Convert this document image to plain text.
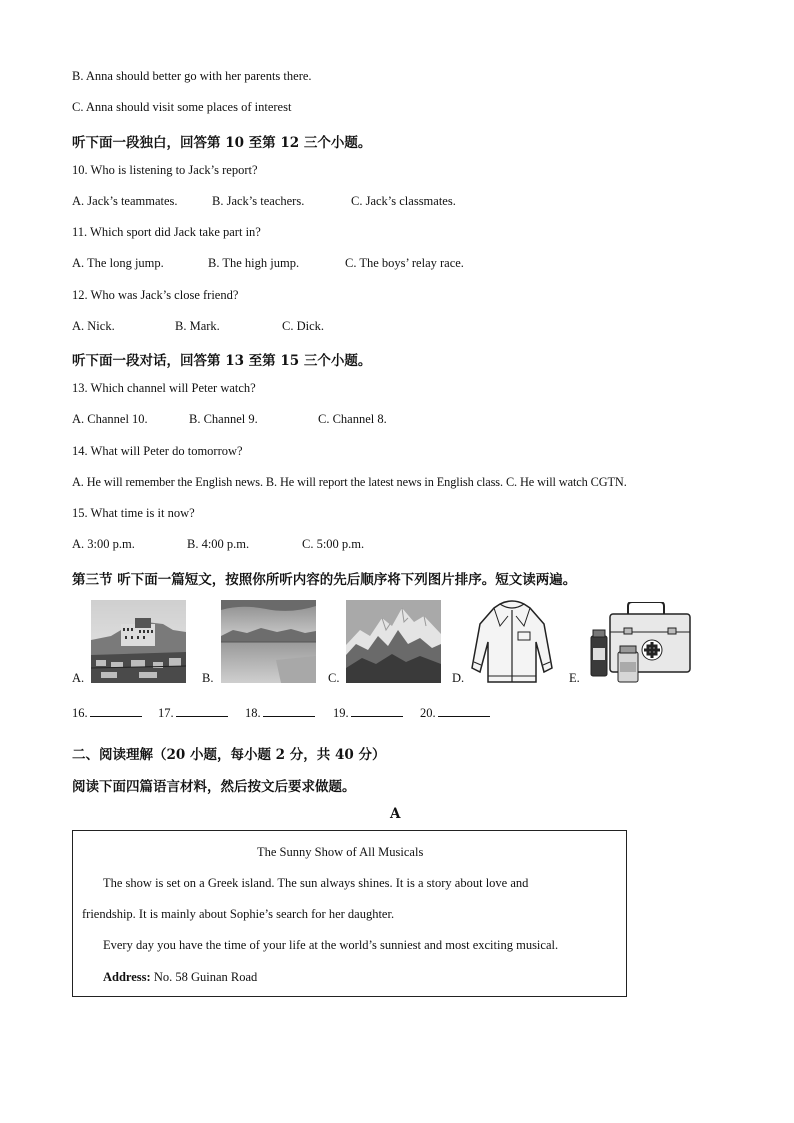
B. Anna should better go with her parents there.
C. Anna should visit some places of interest
听下面一段独白，回答第 10 至第 12 三个小题。
10. Who is listening to Jack’s report?
A. Jack’s teammates.	B. Jack’s teachers.	C. Jack’s classmates.
11. Which sport did Jack take part in?
A. The long jump.	B. The high jump.	C. The boys’ relay race.
12. Who was Jack’s close friend?
A. Nick.	B. Mark.	C. Dick.
听下面一段对话，回答第 13 至第 15 三个小题。
13. Which channel will Peter watch?
A. Channel 10.	B. Channel 9.	C. Channel 8.
14. What will Peter do tomorrow?
A. He will remember the English news. B. He will report the latest news in English class. C. He will watch CGTN.
15. What time is it now?
A. 3:00 p.m.	B. 4:00 p.m.	C. 5:00 p.m.
第三节 听下面一篇短文，按照你所听内容的先后顺序将下列图片排序。短文读两遍。
A.	B.	C.	D.	E.
16.	17.	18.	19.	20.
二、阅读理解（20 小题，每小题 2 分，共 40 分）
阅读下面四篇语言材料，然后按文后要求做题。
A
The Sunny Show of All Musicals
The show is set on a Greek island. The sun always shines. It is a story about love and
friendship. It is mainly about Sophie’s search for her daughter.
Every day you have the time of your life at the world’s sunniest and most exciting musical.
Address: No. 58 Guinan Road
